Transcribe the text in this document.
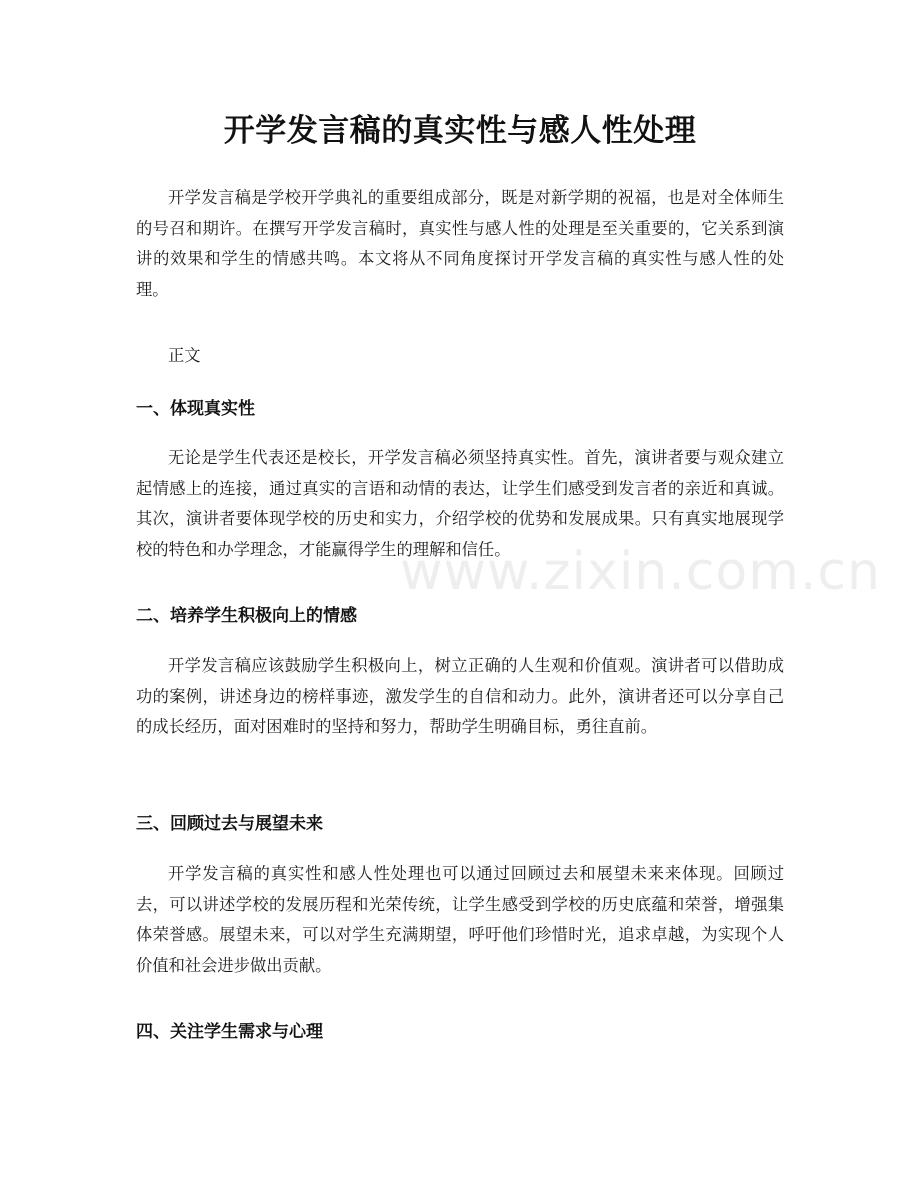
开学发言稿的真实性与感人性处理

开学发言稿是学校开学典礼的重要组成部分，既是对新学期的祝福，也是对全体师生的号召和期许。在撰写开学发言稿时，真实性与感人性的处理是至关重要的，它关系到演讲的效果和学生的情感共鸣。本文将从不同角度探讨开学发言稿的真实性与感人性的处理。

正文
一、体现真实性

无论是学生代表还是校长，开学发言稿必须坚持真实性。首先，演讲者要与观众建立起情感上的连接，通过真实的言语和动情的表达，让学生们感受到发言者的亲近和真诚。其次，演讲者要体现学校的历史和实力，介绍学校的优势和发展成果。只有真实地展现学校的特色和办学理念，才能赢得学生的理解和信任。

二、培养学生积极向上的情感

开学发言稿应该鼓励学生积极向上，树立正确的人生观和价值观。演讲者可以借助成功的案例，讲述身边的榜样事迹，激发学生的自信和动力。此外，演讲者还可以分享自己的成长经历，面对困难时的坚持和努力，帮助学生明确目标，勇往直前。

三、回顾过去与展望未来

开学发言稿的真实性和感人性处理也可以通过回顾过去和展望未来来体现。回顾过去，可以讲述学校的发展历程和光荣传统，让学生感受到学校的历史底蕴和荣誉，增强集体荣誉感。展望未来，可以对学生充满期望，呼吁他们珍惜时光，追求卓越，为实现个人价值和社会进步做出贡献。

四、关注学生需求与心理
www.zixin.com.cn
